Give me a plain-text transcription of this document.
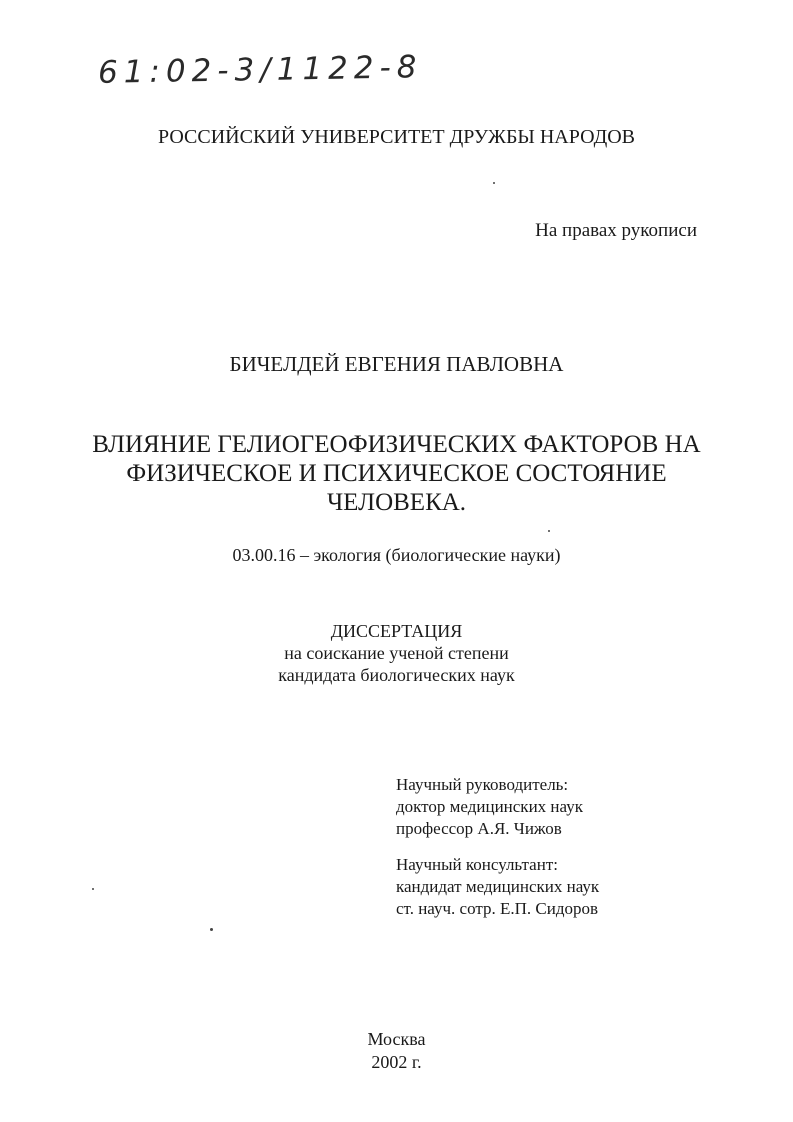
61:02-3/1122-8
РОССИЙСКИЙ УНИВЕРСИТЕТ ДРУЖБЫ НАРОДОВ
На правах рукописи
БИЧЕЛДЕЙ ЕВГЕНИЯ ПАВЛОВНА
ВЛИЯНИЕ ГЕЛИОГЕОФИЗИЧЕСКИХ ФАКТОРОВ НА
ФИЗИЧЕСКОЕ И ПСИХИЧЕСКОЕ СОСТОЯНИЕ
ЧЕЛОВЕКА.
03.00.16 – экология (биологические науки)
ДИССЕРТАЦИЯ
на соискание ученой степени
кандидата биологических наук
Научный руководитель:
доктор медицинских наук
профессор А.Я. Чижов
Научный консультант:
кандидат медицинских наук
ст. науч. сотр. Е.П. Сидоров
Москва
2002 г.
